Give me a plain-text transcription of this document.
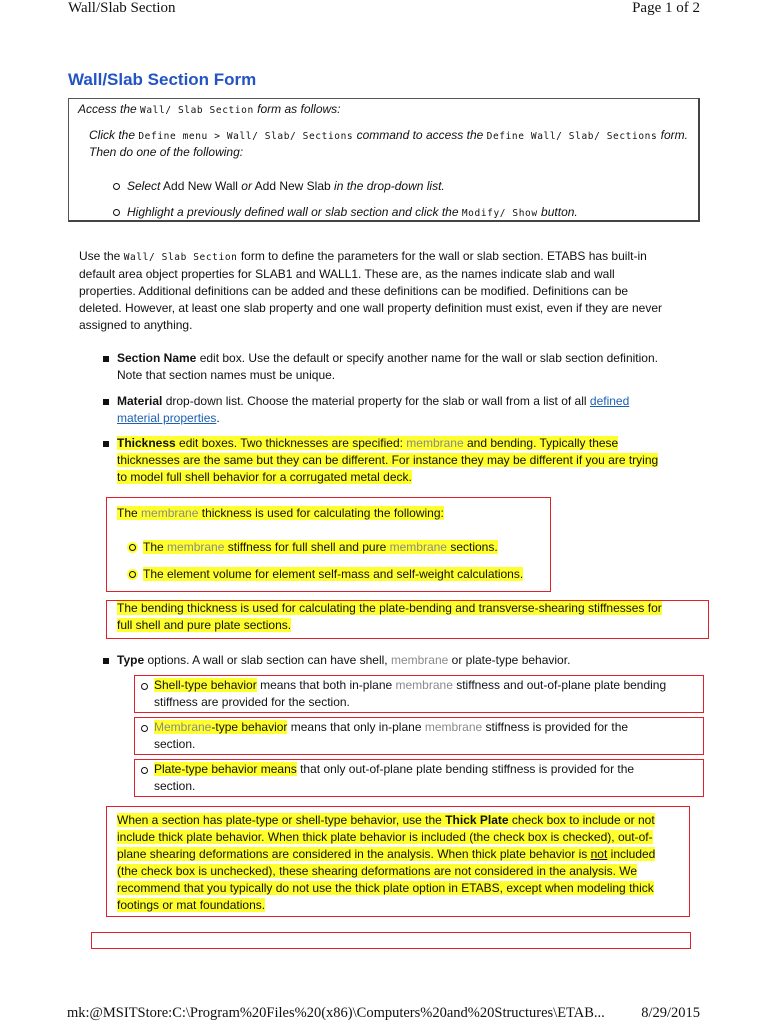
Wall/Slab Section	Page 1 of 2
Wall/Slab Section Form
Access the Wall/ Slab Section form as follows:
Click the Define menu > Wall/ Slab/ Sections command to access the Define Wall/ Slab/ Sections form.
Then do one of the following:
Select Add New Wall or Add New Slab in the drop-down list.
Highlight a previously defined wall or slab section and click the Modify/ Show button.
Use the Wall/ Slab Section form to define the parameters for the wall or slab section. ETABS has built-in
default area object properties for SLAB1 and WALL1. These are, as the names indicate slab and wall
properties. Additional definitions can be added and these definitions can be modified. Definitions can be
deleted. However, at least one slab property and one wall property definition must exist, even if they are never
assigned to anything.
Section Name edit box. Use the default or specify another name for the wall or slab section definition.
Note that section names must be unique.
Material drop-down list. Choose the material property for the slab or wall from a list of all defined
material properties.
Thickness edit boxes. Two thicknesses are specified: membrane and bending. Typically these
thicknesses are the same but they can be different. For instance they may be different if you are trying
to model full shell behavior for a corrugated metal deck.
The membrane thickness is used for calculating the following:
The membrane stiffness for full shell and pure membrane sections.
The element volume for element self-mass and self-weight calculations.
The bending thickness is used for calculating the plate-bending and transverse-shearing stiffnesses for
full shell and pure plate sections.
Type options. A wall or slab section can have shell, membrane or plate-type behavior.
Shell-type behavior means that both in-plane membrane stiffness and out-of-plane plate bending
stiffness are provided for the section.
Membrane-type behavior means that only in-plane membrane stiffness is provided for the
section.
Plate-type behavior means that only out-of-plane plate bending stiffness is provided for the
section.
When a section has plate-type or shell-type behavior, use the Thick Plate check box to include or not
include thick plate behavior. When thick plate behavior is included (the check box is checked), out-of-
plane shearing deformations are considered in the analysis. When thick plate behavior is not included
(the check box is unchecked), these shearing deformations are not considered in the analysis. We
recommend that you typically do not use the thick plate option in ETABS, except when modeling thick
footings or mat foundations.
mk:@MSITStore:C:\Program%20Files%20(x86)\Computers%20and%20Structures\ETAB...	8/29/2015
